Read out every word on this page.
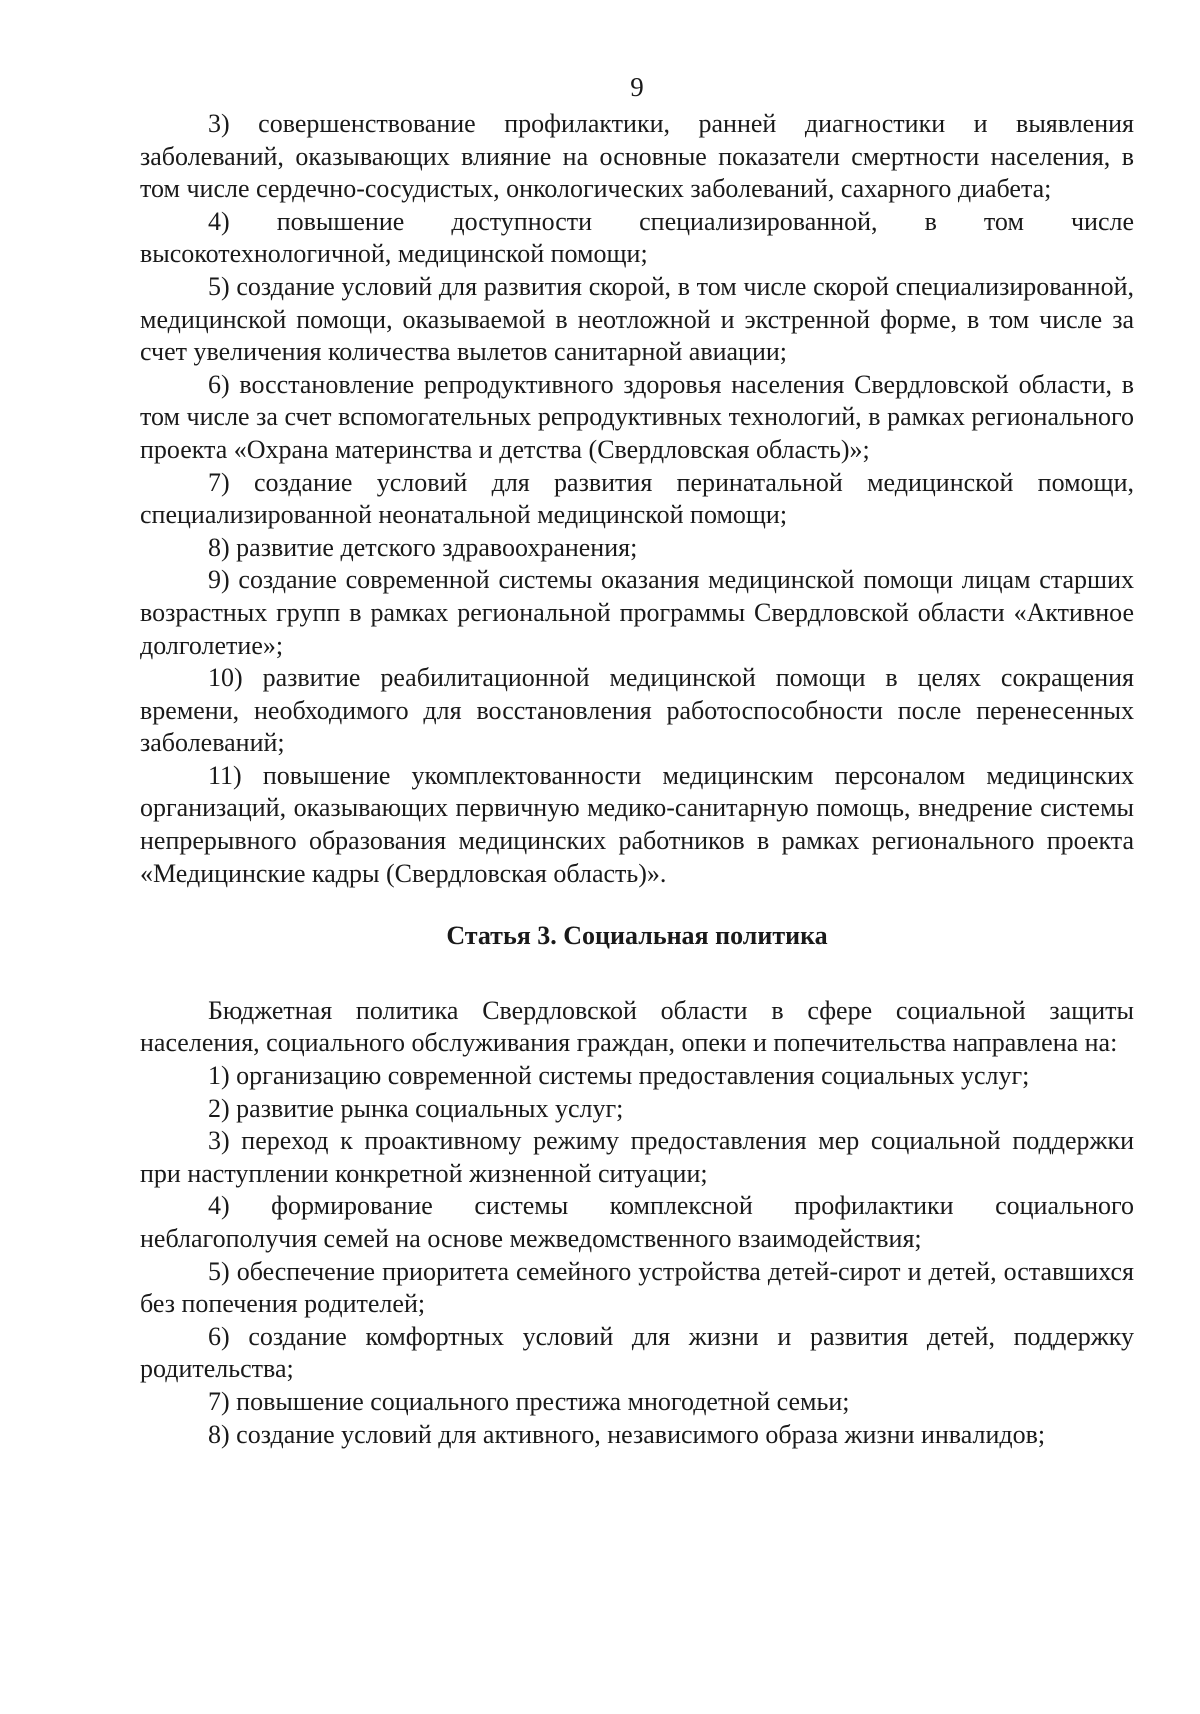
9

3) совершенствование профилактики, ранней диагностики и выявления заболеваний, оказывающих влияние на основные показатели смертности населения, в том числе сердечно-сосудистых, онкологических заболеваний, сахарного диабета;

4) повышение доступности специализированной, в том числе высокотехнологичной, медицинской помощи;

5) создание условий для развития скорой, в том числе скорой специализированной, медицинской помощи, оказываемой в неотложной и экстренной форме, в том числе за счет увеличения количества вылетов санитарной авиации;

6) восстановление репродуктивного здоровья населения Свердловской области, в том числе за счет вспомогательных репродуктивных технологий, в рамках регионального проекта «Охрана материнства и детства (Свердловская область)»;

7) создание условий для развития перинатальной медицинской помощи, специализированной неонатальной медицинской помощи;

8) развитие детского здравоохранения;

9) создание современной системы оказания медицинской помощи лицам старших возрастных групп в рамках региональной программы Свердловской области «Активное долголетие»;

10) развитие реабилитационной медицинской помощи в целях сокращения времени, необходимого для восстановления работоспособности после перенесенных заболеваний;

11) повышение укомплектованности медицинским персоналом медицинских организаций, оказывающих первичную медико-санитарную помощь, внедрение системы непрерывного образования медицинских работников в рамках регионального проекта «Медицинские кадры (Свердловская область)».

Статья 3. Социальная политика

Бюджетная политика Свердловской области в сфере социальной защиты населения, социального обслуживания граждан, опеки и попечительства направлена на:

1) организацию современной системы предоставления социальных услуг;

2) развитие рынка социальных услуг;

3) переход к проактивному режиму предоставления мер социальной поддержки при наступлении конкретной жизненной ситуации;

4) формирование системы комплексной профилактики социального неблагополучия семей на основе межведомственного взаимодействия;

5) обеспечение приоритета семейного устройства детей-сирот и детей, оставшихся без попечения родителей;

6) создание комфортных условий для жизни и развития детей, поддержку родительства;

7) повышение социального престижа многодетной семьи;

8) создание условий для активного, независимого образа жизни инвалидов;
